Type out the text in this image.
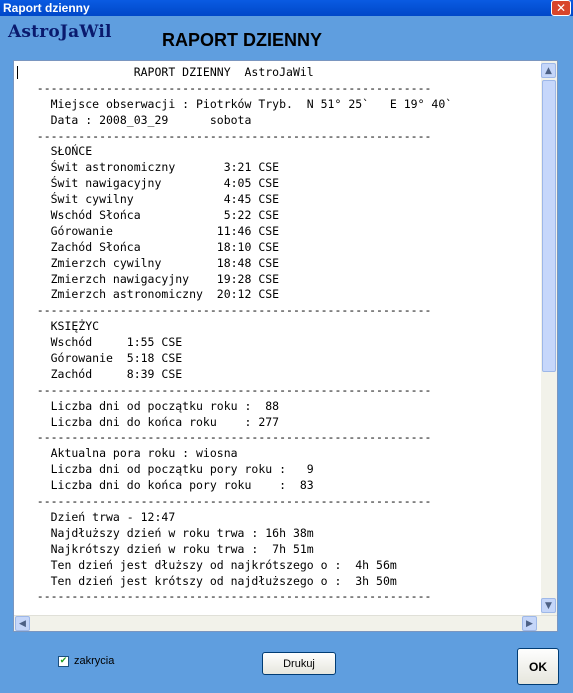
Raport dzienny	✕
AstroJaWil	RAPORT DZIENNY
RAPORT DZIENNY  AstroJaWil
---------------------------------------------------------
Miejsce obserwacji : Piotrków Tryb.  N 51° 25`   E 19° 40`
Data : 2008_03_29      sobota
---------------------------------------------------------
SŁOŃCE
Świt astronomiczny       3:21 CSE
Świt nawigacyjny         4:05 CSE
Świt cywilny             4:45 CSE
Wschód Słońca            5:22 CSE
Górowanie               11:46 CSE
Zachód Słońca           18:10 CSE
Zmierzch cywilny        18:48 CSE
Zmierzch nawigacyjny    19:28 CSE
Zmierzch astronomiczny  20:12 CSE
---------------------------------------------------------
KSIĘŻYC
Wschód     1:55 CSE
Górowanie  5:18 CSE
Zachód     8:39 CSE
---------------------------------------------------------
Liczba dni od początku roku :  88
Liczba dni do końca roku    : 277
---------------------------------------------------------
Aktualna pora roku : wiosna
Liczba dni od początku pory roku :   9
Liczba dni do końca pory roku    :  83
---------------------------------------------------------
Dzień trwa - 12:47
Najdłuższy dzień w roku trwa : 16h 38m
Najkrótszy dzień w roku trwa :  7h 51m
Ten dzień jest dłuższy od najkrótszego o :  4h 56m
Ten dzień jest krótszy od najdłuższego o :  3h 50m
---------------------------------------------------------
▲
▼
◀	▶
✔ zakrycia	Drukuj	OK
